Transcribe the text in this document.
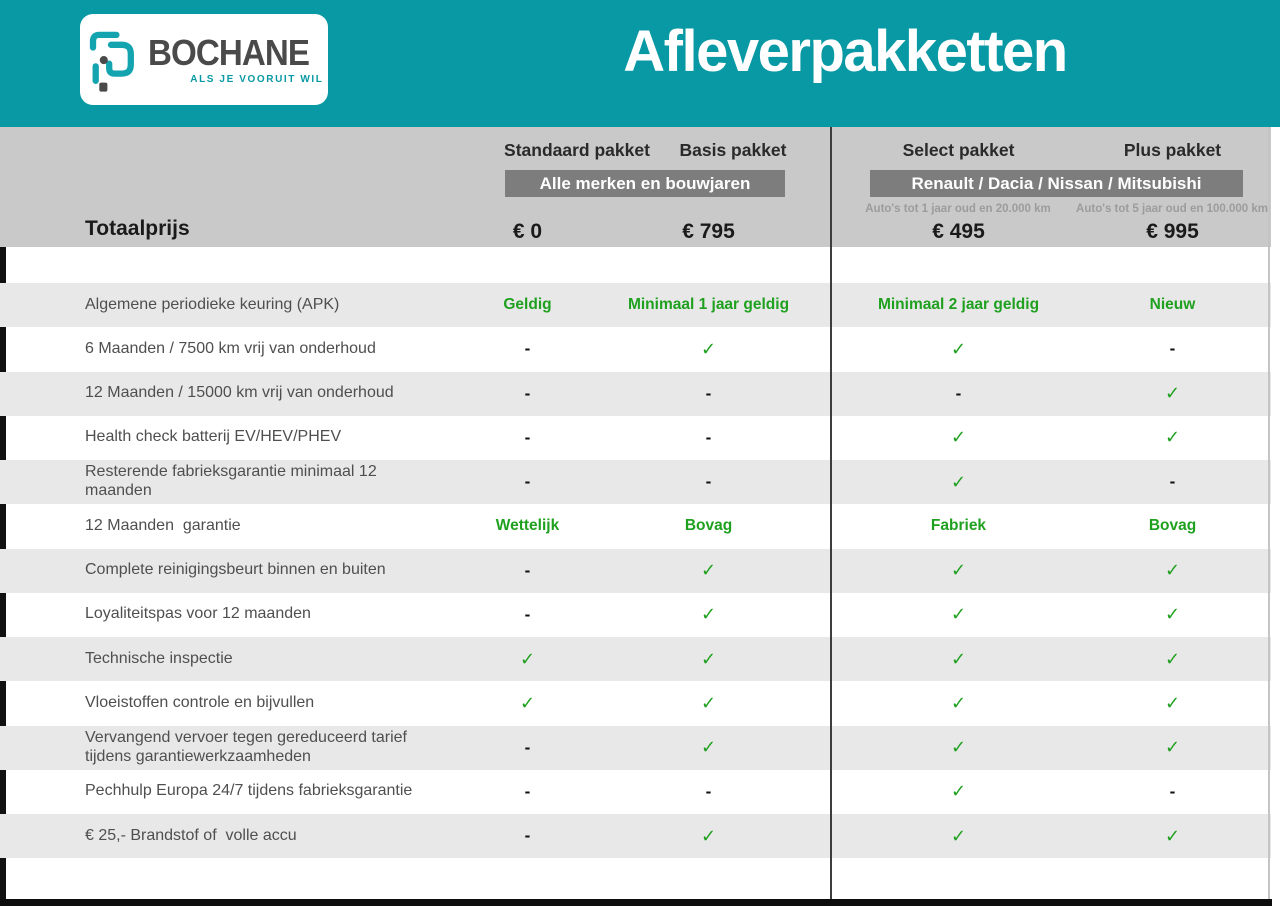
BOCHANE
ALS JE VOORUIT WIL	Afleverpakketten
Standaard pakket	Basis pakket	Select pakket	Plus pakket
Alle merken en bouwjaren	Renault / Dacia / Nissan / Mitsubishi
Auto's tot 1 jaar oud en 20.000 km	Auto's tot 5 jaar oud en 100.000 km
Totaalprijs	€ 0	€ 795	€ 495	€ 995
Algemene periodieke keuring (APK)	Geldig	Minimaal 1 jaar geldig	Minimaal 2 jaar geldig	Nieuw
6 Maanden / 7500 km vrij van onderhoud	-	✓	✓	-
12 Maanden / 15000 km vrij van onderhoud	-	-	-	✓
Health check batterij EV/HEV/PHEV	-	-	✓	✓
Resterende fabrieksgarantie minimaal 12 maanden	-	-	✓	-
12 Maanden  garantie	Wettelijk	Bovag	Fabriek	Bovag
Complete reinigingsbeurt binnen en buiten	-	✓	✓	✓
Loyaliteitspas voor 12 maanden	-	✓	✓	✓
Technische inspectie	✓	✓	✓	✓
Vloeistoffen controle en bijvullen	✓	✓	✓	✓
Vervangend vervoer tegen gereduceerd tarief tijdens garantiewerkzaamheden	-	✓	✓	✓
Pechhulp Europa 24/7 tijdens fabrieksgarantie	-	-	✓	-
€ 25,- Brandstof of  volle accu	-	✓	✓	✓
